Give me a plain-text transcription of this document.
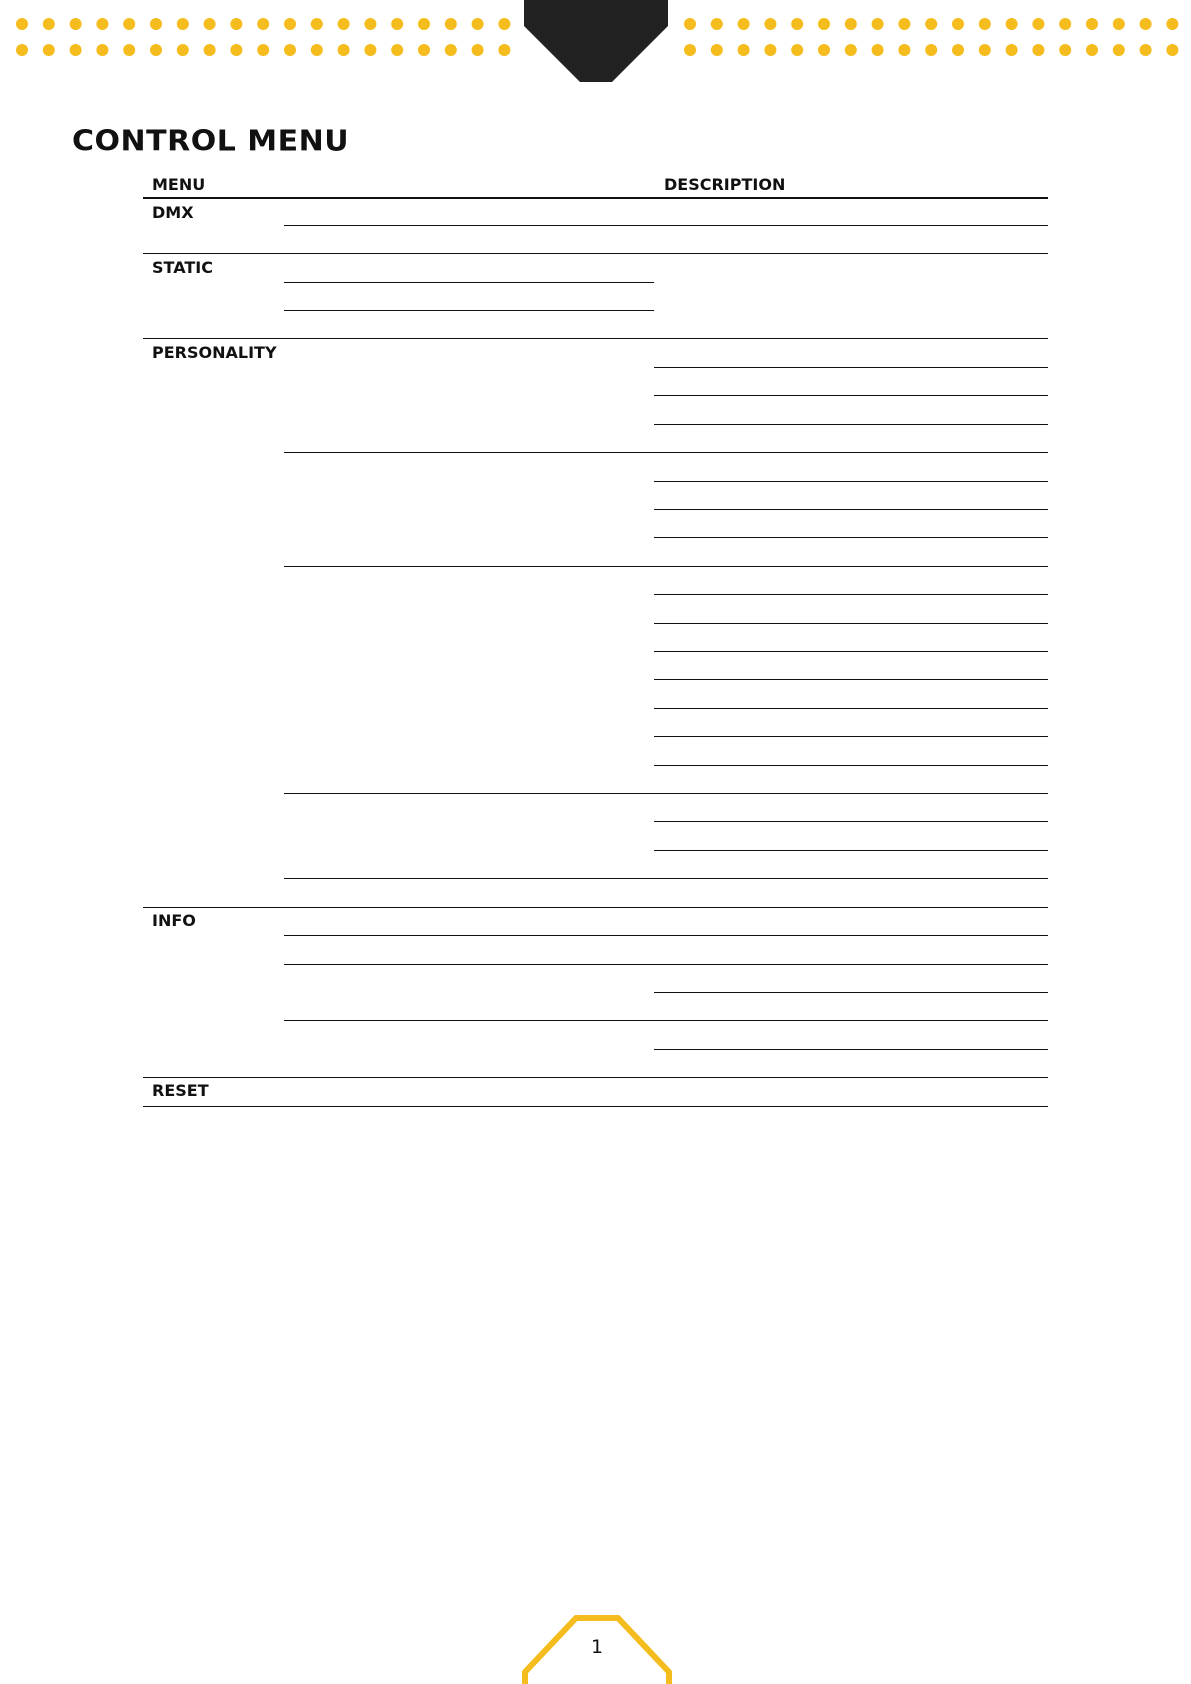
CONTROL MENU
MENU	DESCRIPTION
DMX
STATIC
PERSONALITY
INFO
RESET
1
